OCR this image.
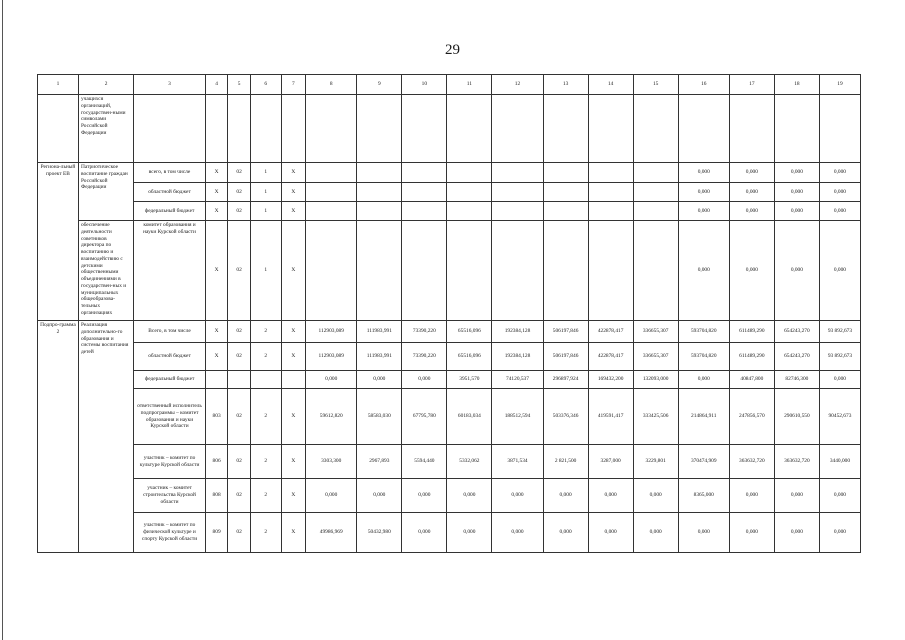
29
1	2	3	4	5	6	7	8	9	10	11	12	13	14	15	16	17	18	19
	учащихся организаций, государствен-ными символами Российской Федерации																	
Регионa-льный проект ЕВ	Патриотическое воспитание граждан Российской Федерации	всего, в том числе	X	02	1	X									0,000	0,000	0,000	0,000
		областной бюджет	X	02	1	X									0,000	0,000	0,000	0,000
		федеральный бюджет	X	02	1	X									0,000	0,000	0,000	0,000
	обеспечение деятельности советников директора по воспитанию и взаимодействию с детскими общественными объединениями в государствен-ных и муниципальных общеобразова-тельных организациях	комитет образования и науки Курской области	X	02	1	X									0,000	0,000	0,000	0,000
Подпро-грамма 2	Реализация дополнительно-го образования и системы воспитания детей	Всего, в том числе	X	02	2	X	112903,089	111983,991	73390,220	65516,096	192384,128	506197,846	422878,417	336655,307	593704,820	611489,290	654243,270	93 892,673
		областной бюджет	X	02	2	X	112903,089	111983,991	73390,220	65516,096	192384,128	506197,846	422878,417	336655,307	593704,820	611489,290	654243,270	93 892,673
		федеральный бюджет					0,000	0,000	0,000	3951,570	74120,537	296897,924	169432,200	132093,000	0,000	40847,800	82746,300	0,000
		ответственный исполнитель подпрограммы – комитет образования и науки Курской области	803	02	2	X	59612,820	58583,030	67795,780	60183,034	188512,594	503376,346	419591,417	333425,506	214864,911	247856,570	290610,550	90452,673
		участник – комитет по культуре Курской области	806	02	2	X	3303,300	2967,893	5594,440	5332,062	3871,534	2 821,500	3287,000	3229,801	370474,909	363632,720	363632,720	3440,000
		участник – комитет строительства Курской области	808	02	2	X	0,000	0,000	0,000	0,000	0,000	0,000	0,000	0,000	8365,000	0,000	0,000	0,000
		участник – комитет по физической культуре и спорту Курской области	809	02	2	X	49986,969	50432,980	0,000	0,000	0,000	0,000	0,000	0,000	0,000	0,000	0,000	0,000
